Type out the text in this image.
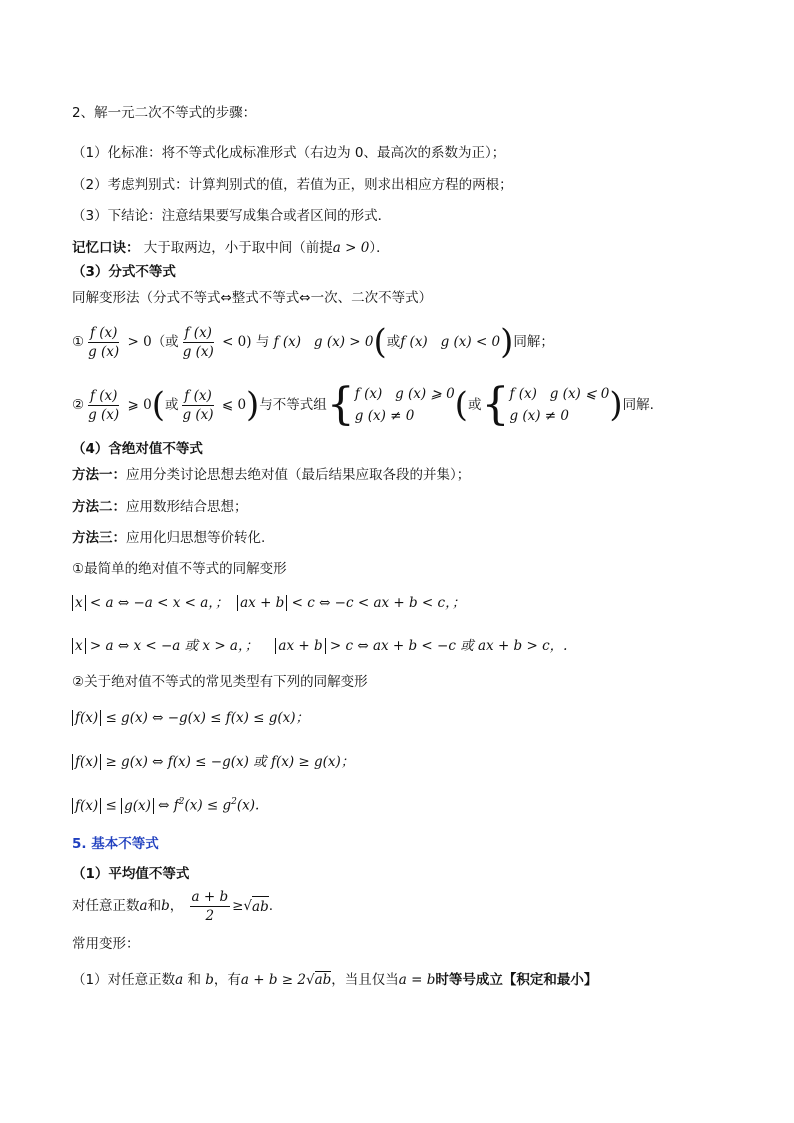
2、解一元二次不等式的步骤：
（1）化标准：将不等式化成标准形式（右边为 0、最高次的系数为正）；
（2）考虑判别式：计算判别式的值，若值为正，则求出相应方程的两根；
（3）下结论：注意结果要写成集合或者区间的形式．
记忆口诀： 大于取两边，小于取中间（前提a > 0）．
（3）分式不等式
同解变形法（分式不等式⇔整式不等式⇔一次、二次不等式）
① $\frac{f (x)}{g (x)} > 0$ （或 $\frac{f (x)}{g (x)} < 0$) 与 f (x)   g (x) > 0 ( 或 f (x)   g (x) < 0 ) 同解；
② $\frac{f (x)}{g (x)}$ ⩾ 0 ( 或 $\frac{f (x)}{g (x)}$ ⩽ 0 ) 与不等式组 { f (x)   g (x) ⩾ 0
g (x) ≠ 0	( 或 { f (x)   g (x) ⩽ 0
g (x) ≠ 0	) 同解.
（4）含绝对值不等式
方法一：应用分类讨论思想去绝对值（最后结果应取各段的并集）；
方法二：应用数形结合思想；
方法三：应用化归思想等价转化.
①最简单的绝对值不等式的同解变形
x < a ⇔ −a < x < a，； ax + b < c ⇔ −c < ax + b < c，；
x > a ⇔ x < −a 或 x > a，； ax + b > c ⇔ ax + b < −c 或 ax + b > c，.
②关于绝对值不等式的常见类型有下列的同解变形
f(x) ≤ g(x) ⇔ −g(x) ≤ f(x) ≤ g(x)；
f(x) ≥ g(x) ⇔ f(x) ≤ −g(x) 或 f(x) ≥ g(x)；
f(x) ≤ g(x) ⇔ $f^2(x) \le g^2(x)$.
5. 基本不等式
（1）平均值不等式
对任意正数 a 和 b ，
$\frac{a + b}{2}$ ≥ √ ab .
常用变形：
（1）对任意正数a 和 b，有a + b ≥ 2√ab，当且仅当a = b时等号成立【积定和最小】
